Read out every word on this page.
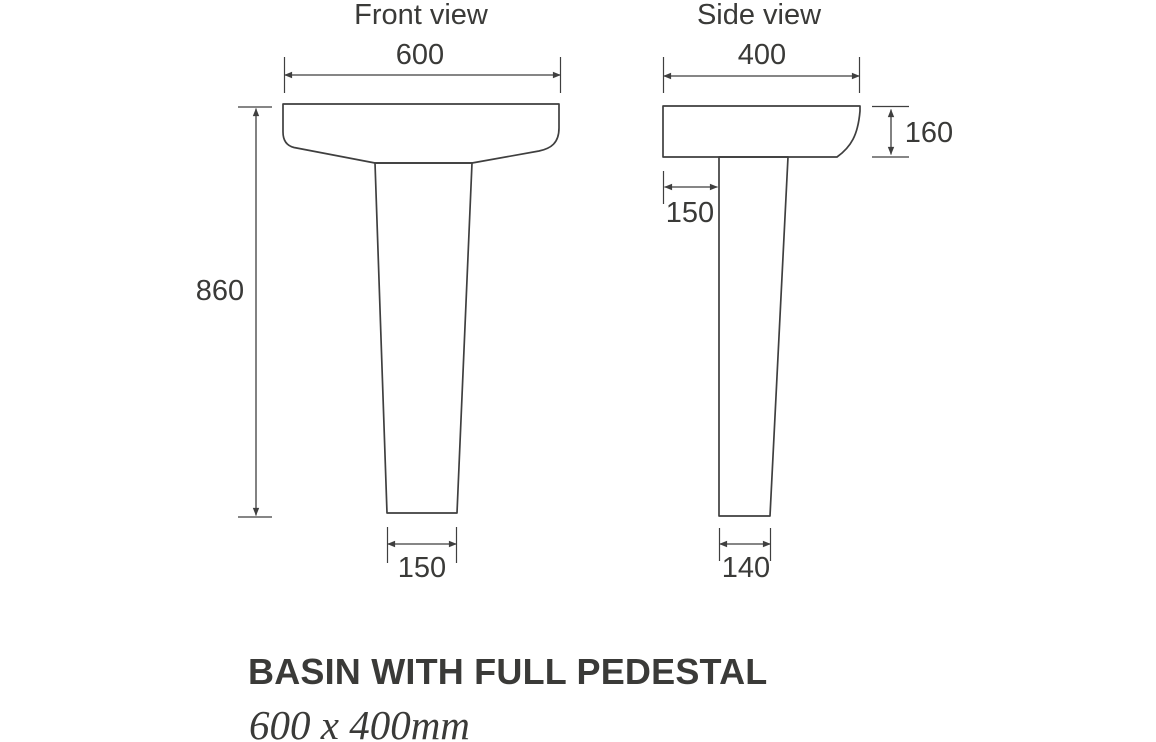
Front view
600
860
150
Side view
400
160
150
140
BASIN WITH FULL PEDESTAL
600 x 400mm
